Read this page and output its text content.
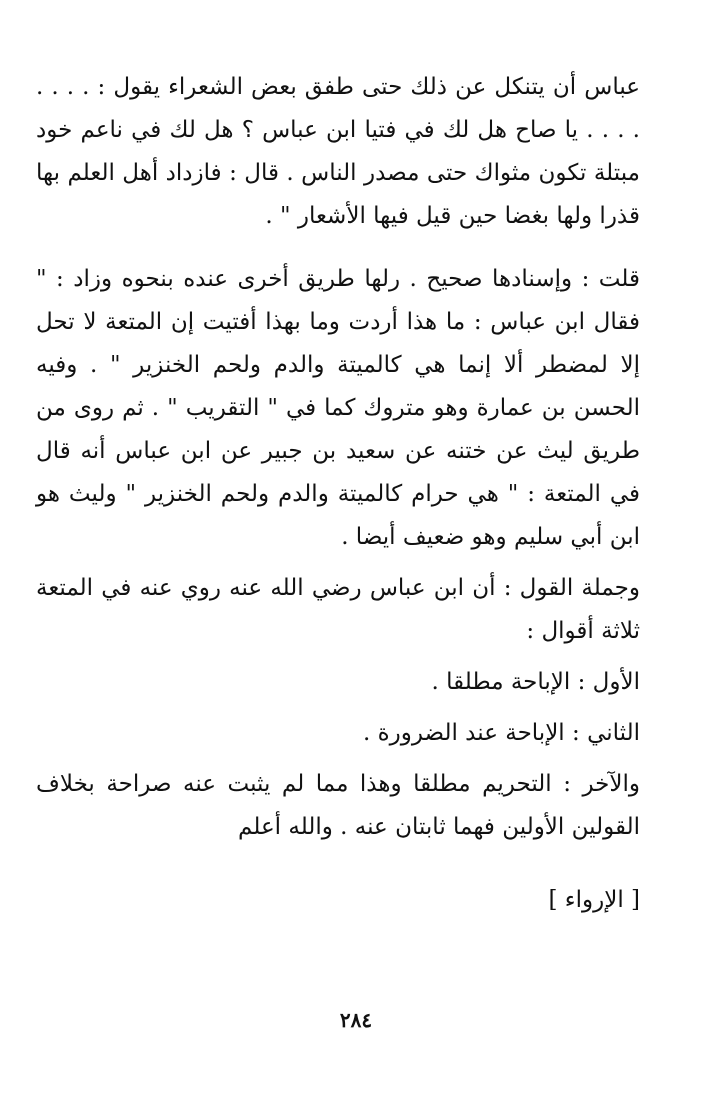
عباس أن يتنكل عن ذلك حتى طفق بعض الشعراء يقول : . . . . . . . . يا صاح هل لك في فتيا ابن عباس ؟ هل لك في ناعم خود مبتلة تكون مثواك حتى مصدر الناس . قال : فازداد أهل العلم بها قذرا ولها بغضا حين قيل فيها الأشعار " .

قلت : وإسنادها صحيح . رلها طريق أخرى عنده بنحوه وزاد : " فقال ابن عباس : ما هذا أردت وما بهذا أفتيت إن المتعة لا تحل إلا لمضطر ألا إنما هي كالميتة والدم ولحم الخنزير " . وفيه الحسن بن عمارة وهو متروك كما في " التقريب " . ثم روى من طريق ليث عن ختنه عن سعيد بن جبير عن ابن عباس أنه قال في المتعة : " هي حرام كالميتة والدم ولحم الخنزير " وليث هو ابن أبي سليم وهو ضعيف أيضا .

وجملة القول : أن ابن عباس رضي الله عنه روي عنه في المتعة ثلاثة أقوال :

الأول : الإباحة مطلقا .

الثاني : الإباحة عند الضرورة .

والآخر : التحريم مطلقا وهذا مما لم يثبت عنه صراحة بخلاف القولين الأولين فهما ثابتان عنه . والله أعلم

[ الإرواء ]

٢٨٤
